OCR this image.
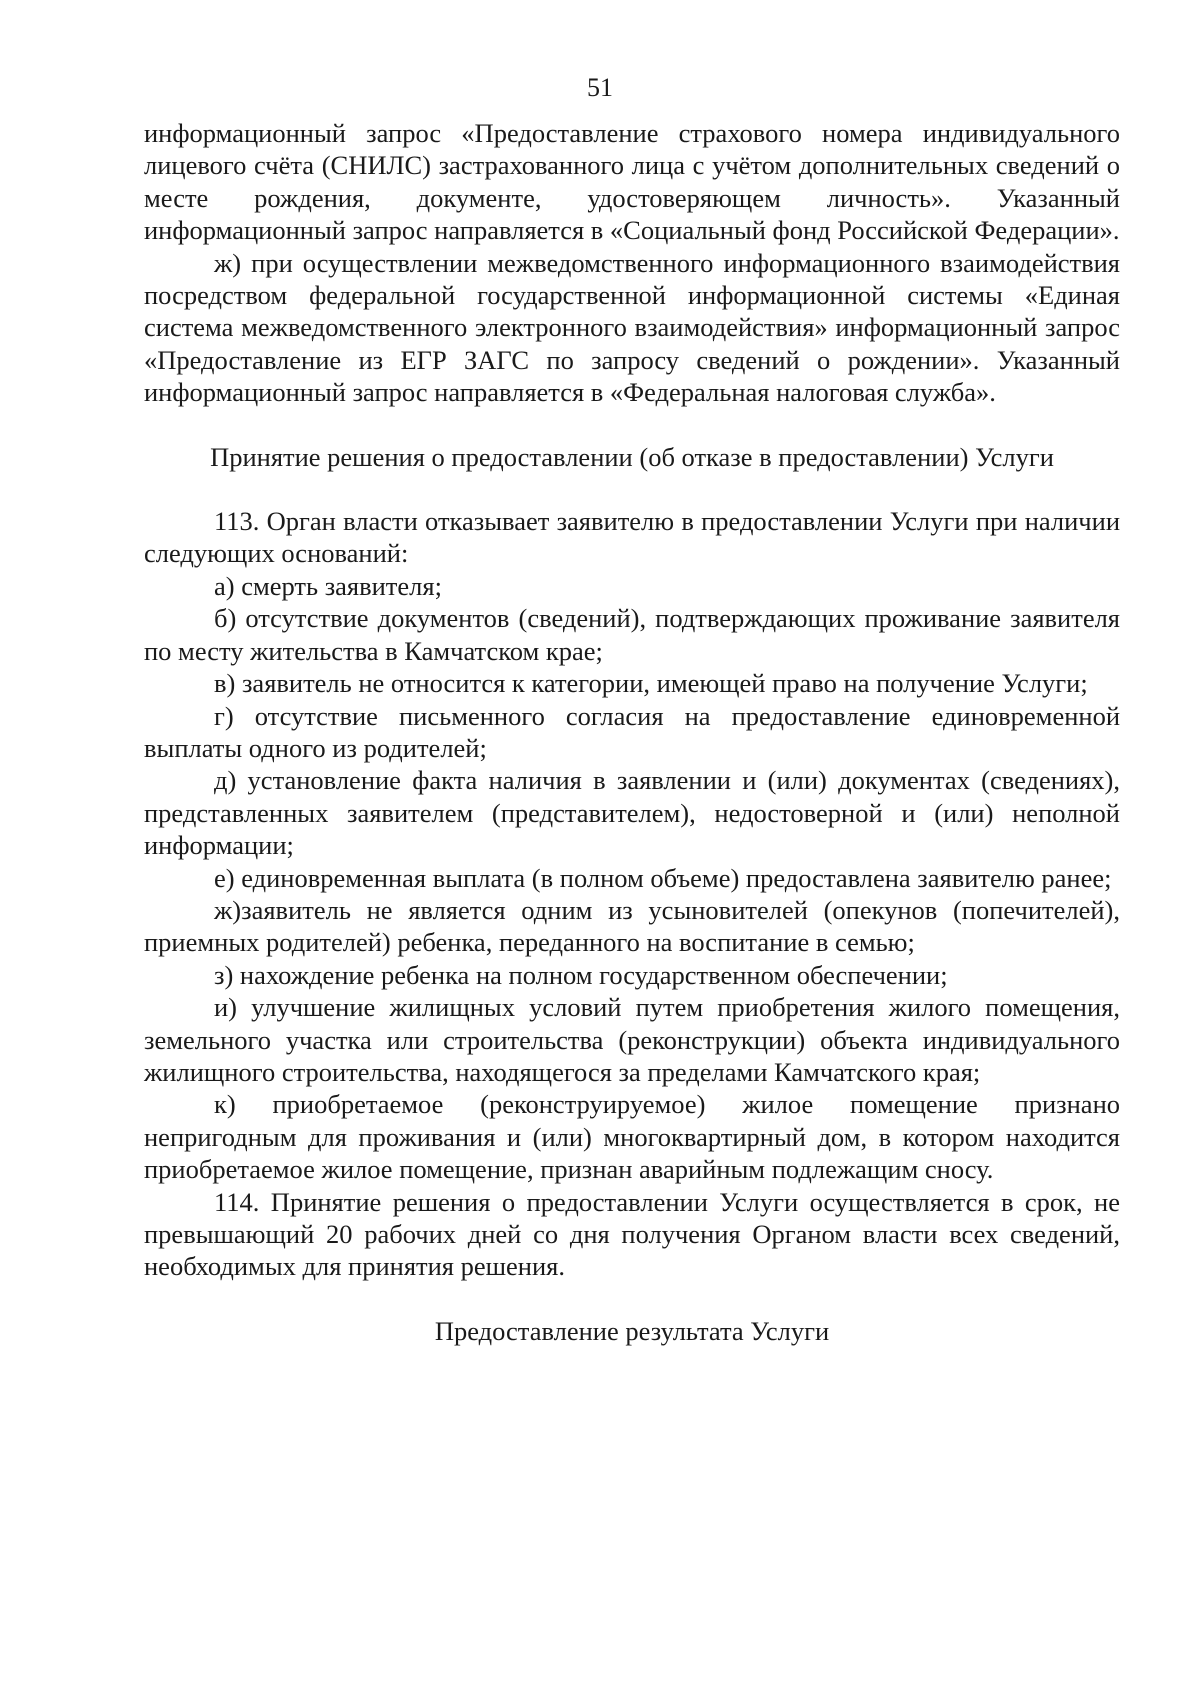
51

информационный запрос «Предоставление страхового номера индивидуального лицевого счёта (СНИЛС) застрахованного лица с учётом дополнительных сведений о месте рождения, документе, удостоверяющем личность». Указанный информационный запрос направляется в «Социальный фонд Российской Федерации».

ж) при осуществлении межведомственного информационного взаимодействия посредством федеральной государственной информационной системы «Единая система межведомственного электронного взаимодействия» информационный запрос «Предоставление из ЕГР ЗАГС по запросу сведений о рождении». Указанный информационный запрос направляется в «Федеральная налоговая служба».

Принятие решения о предоставлении (об отказе в предоставлении) Услуги

113. Орган власти отказывает заявителю в предоставлении Услуги при наличии следующих оснований:

а) смерть заявителя;

б) отсутствие документов (сведений), подтверждающих проживание заявителя по месту жительства в Камчатском крае;

в) заявитель не относится к категории, имеющей право на получение Услуги;

г) отсутствие письменного согласия на предоставление единовременной выплаты одного из родителей;

д) установление факта наличия в заявлении и (или) документах (сведениях), представленных заявителем (представителем), недостоверной и (или) неполной информации;

е) единовременная выплата (в полном объеме) предоставлена заявителю ранее;

ж)заявитель не является одним из усыновителей (опекунов (попечителей), приемных родителей) ребенка, переданного на воспитание в семью;

з) нахождение ребенка на полном государственном обеспечении;

и) улучшение жилищных условий путем приобретения жилого помещения, земельного участка или строительства (реконструкции) объекта индивидуального жилищного строительства, находящегося за пределами Камчатского края;

к) приобретаемое (реконструируемое) жилое помещение признано непригодным для проживания и (или) многоквартирный дом, в котором находится приобретаемое жилое помещение, признан аварийным подлежащим сносу.

114. Принятие решения о предоставлении Услуги осуществляется в срок, не превышающий 20 рабочих дней со дня получения Органом власти всех сведений, необходимых для принятия решения.

Предоставление результата Услуги
